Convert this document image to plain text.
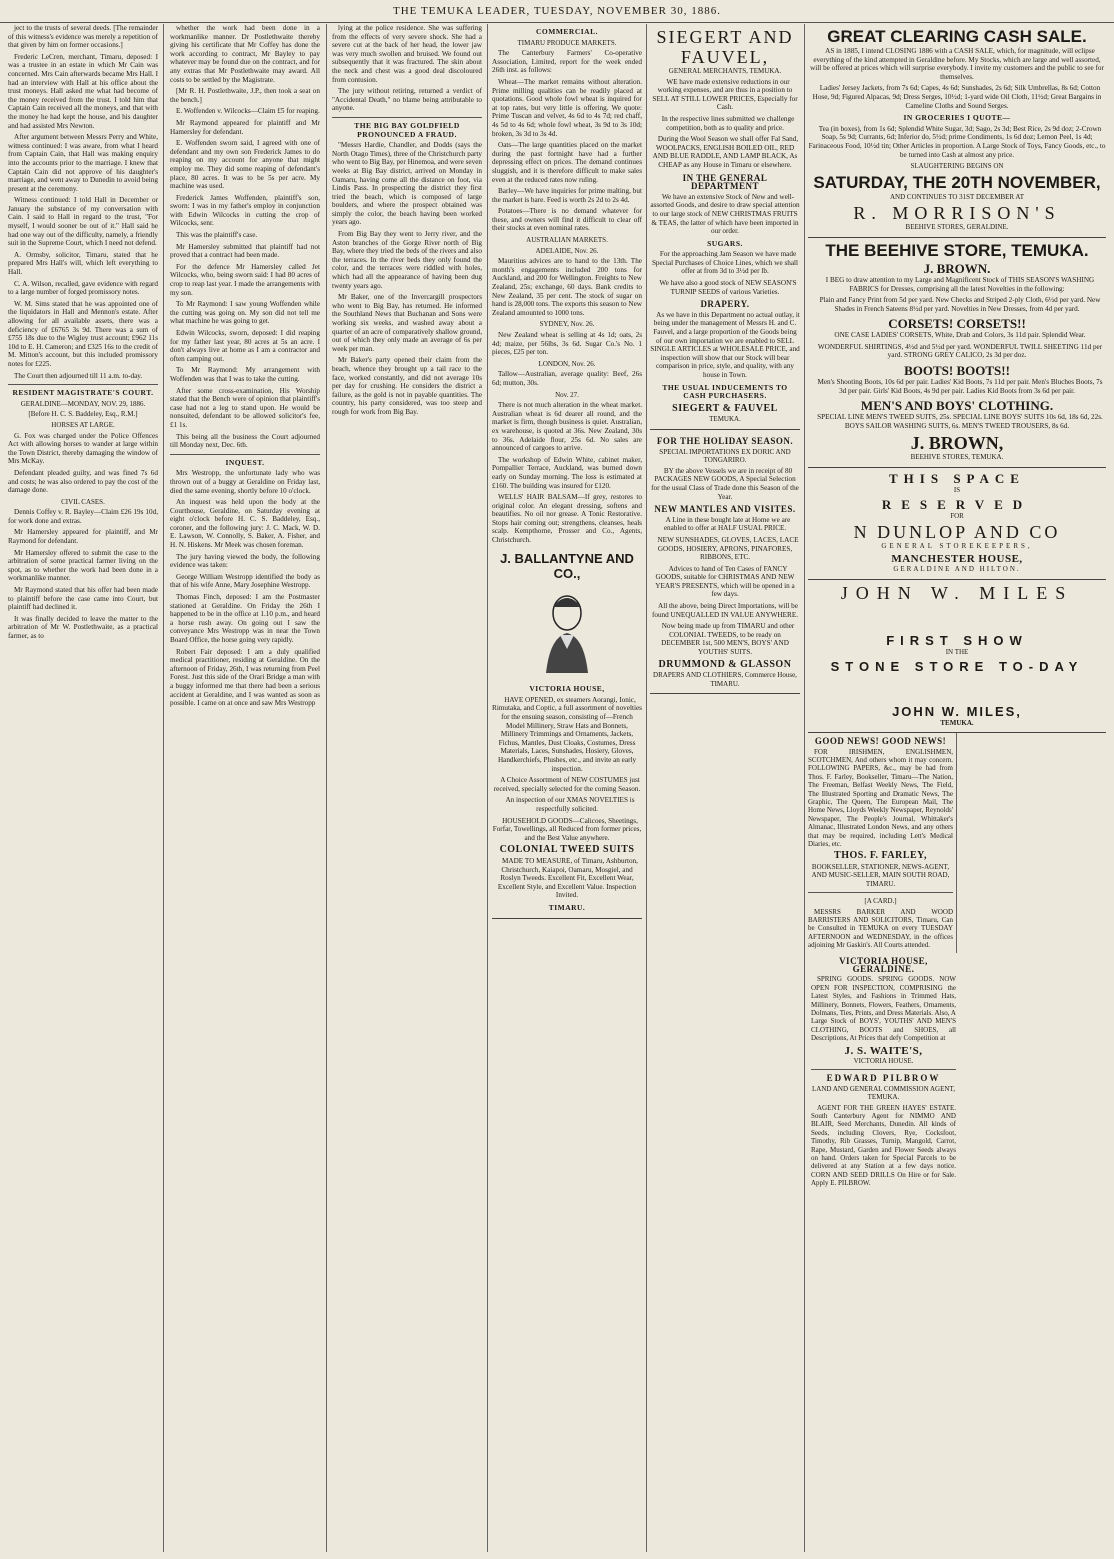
THE TEMUKA LEADER, TUESDAY, NOVEMBER 30, 1886.

ject to the trusts of several deeds. [The remainder of this witness's evidence was merely a repetition of that given by him on former occasions.]

Frederic LeCren, merchant, Timaru, deposed: I was a trustee in an estate in which Mr Cain was concerned. Mrs Cain afterwards became Mrs Hall. I had an interview with Hall at his office about the trust moneys. Hall asked me what had become of the money received from the trust. I told him that Captain Cain received all the moneys, and that with the money he had kept the house, and his daughter and had assisted Mrs Newton.

After argument between Messrs Perry and White, witness continued: I was aware, from what I heard from Captain Cain, that Hall was making enquiry into the accounts prior to the marriage. I knew that Captain Cain did not approve of his daughter's marriage, and went away to Dunedin to avoid being present at the ceremony.

Witness continued: I told Hall in December or January the substance of my conversation with Cain. I said to Hall in regard to the trust, "For myself, I would sooner be out of it." Hall said he had one way out of the difficulty, namely, a friendly suit in the Supreme Court, which I need not defend.

A. Ormsby, solicitor, Timaru, stated that he prepared Mrs Hall's will, which left everything to Hall.

C. A. Wilson, recalled, gave evidence with regard to a large number of forged promissory notes.

W. M. Sims stated that he was appointed one of the liquidators in Hall and Mennon's estate. After allowing for all available assets, there was a deficiency of £6765 3s 9d. There was a sum of £755 18s due to the Wigley trust account; £962 11s 10d to E. H. Cameron; and £325 16s to the credit of M. Mitton's account, but this included promissory notes for £225.

The Court then adjourned till 11 a.m. to-day.

RESIDENT MAGISTRATE'S COURT.
GERALDINE—MONDAY, NOV. 29, 1886.
[Before H. C. S. Baddeley, Esq., R.M.]
HORSES AT LARGE.

G. Fox was charged under the Police Offences Act with allowing horses to wander at large within the Town District, thereby damaging the window of Mrs McKay.

Defendant pleaded guilty, and was fined 7s 6d and costs; he was also ordered to pay the cost of the damage done.

CIVIL CASES.

Dennis Coffey v. R. Bayley—Claim £26 19s 10d, for work done and extras.

Mr Hamersley appeared for plaintiff, and Mr Raymond for defendant.

Mr Hamersley offered to submit the case to the arbitration of some practical farmer living on the spot, as to whether the work had been done in a workmanlike manner.

Mr Raymond stated that his offer had been made to plaintiff before the case came into Court, but plaintiff had declined it.

It was finally decided to leave the matter to the arbitration of Mr W. Postlethwaite, as a practical farmer, as to

whether the work had been done in a workmanlike manner. Dr Postlethwaite thereby giving his certificate that Mr Coffey has done the work according to contract, Mr Bayley to pay whatever may be found due on the contract, and for any extras that Mr Postlethwaite may award. All costs to be settled by the Magistrate.

[Mr R. H. Postlethwaite, J.P., then took a seat on the bench.]

E. Woffenden v. Wilcocks—Claim £5 for reaping.

Mr Raymond appeared for plaintiff and Mr Hamersley for defendant.

E. Woffenden sworn said, I agreed with one of defendant and my own son Frederick James to do reaping on my account for anyone that might employ me. They did some reaping of defendant's place, 80 acres. It was to be 5s per acre. My machine was used.

Frederick James Woffenden, plaintiff's son, sworn: I was in my father's employ in conjunction with Edwin Wilcocks in cutting the crop of Wilcocks, senr.

This was the plaintiff's case.

Mr Hamersley submitted that plaintiff had not proved that a contract had been made.

For the defence Mr Hamersley called Jet Wilcocks, who, being sworn said: I had 80 acres of crop to reap last year. I made the arrangements with my son.

To Mr Raymond: I saw young Woffenden while the cutting was going on. My son did not tell me what machine he was going to get.

Edwin Wilcocks, sworn, deposed: I did reaping for my father last year, 80 acres at 5s an acre. I don't always live at home as I am a contractor and often camping out.

To Mr Raymond: My arrangement with Woffenden was that I was to take the cutting.

After some cross-examination, His Worship stated that the Bench were of opinion that plaintiff's case had not a leg to stand upon. He would be nonsuited, defendant to be allowed solicitor's fee, £1 1s.

This being all the business the Court adjourned till Monday next, Dec. 6th.

INQUEST.

Mrs Westropp, the unfortunate lady who was thrown out of a buggy at Geraldine on Friday last, died the same evening, shortly before 10 o'clock.

An inquest was held upon the body at the Courthouse, Geraldine, on Saturday evening at eight o'clock before H. C. S. Baddeley, Esq., coroner, and the following jury: J. C. Mack, W. D. E. Lawson, W. Connolly, S. Baker, A. Fisher, and H. N. Hiskens. Mr Meek was chosen foreman.

The jury having viewed the body, the following evidence was taken:

George William Westropp identified the body as that of his wife Anne, Mary Josephine Westropp.

Thomas Finch, deposed: I am the Postmaster stationed at Geraldine. On Friday the 26th I happened to be in the office at 1.10 p.m., and heard a horse rush away. On going out I saw the conveyance Mrs Westropp was in near the Town Board Office, the horse going very rapidly.

Robert Fair deposed: I am a duly qualified medical practitioner, residing at Geraldine. On the afternoon of Friday, 26th, I was returning from Peel Forest. Just this side of the Orari Bridge a man with a buggy informed me that there had been a serious accident at Geraldine, and I was wanted as soon as possible. I came on at once and saw Mrs Westropp

lying at the police residence. She was suffering from the effects of very severe shock. She had a severe cut at the back of her head, the lower jaw was very much swollen and bruised. We found out subsequently that it was fractured. The skin about the neck and chest was a good deal discoloured from contusion.

The jury without retiring, returned a verdict of "Accidental Death," no blame being attributable to anyone.

THE BIG BAY GOLDFIELD PRONOUNCED A FRAUD.

"Messrs Hardie, Chandler, and Dodds (says the North Otago Times), three of the Christchurch party who went to Big Bay, per Hinemoa, and were seven weeks at Big Bay district, arrived on Monday in Oamaru, having come all the distance on foot, via Lindis Pass. In prospecting the district they first tried the beach, which is composed of large boulders, and where the prospect obtained was simply the color, the beach having been worked years ago.

From Big Bay they went to Jerry river, and the Aston branches of the Gorge River north of Big Bay, where they tried the beds of the rivers and also the terraces. In the river beds they only found the color, and the terraces were riddled with holes, which had all the appearance of having been dug twenty years ago.

Mr Baker, one of the Invercargill prospectors who went to Big Bay, has returned. He informed the Southland News that Buchanan and Sons were working six weeks, and washed away about a quarter of an acre of comparatively shallow ground, out of which they only made an average of 6s per week per man.

Mr Baker's party opened their claim from the beach, whence they brought up a tail race to the face, worked constantly, and did not average 10s per day for crushing. He considers the district a failure, as the gold is not in payable quantities. The country, his party considered, was too steep and rough for work from Big Bay.

COMMERCIAL.
TIMARU PRODUCE MARKETS.

The Canterbury Farmers' Co-operative Association, Limited, report for the week ended 26th inst. as follows:

Wheat—The market remains without alteration. Prime milling qualities can be readily placed at quotations. Good whole fowl wheat is inquired for at top rates, but very little is offering. We quote: Prime Tuscan and velvet, 4s 6d to 4s 7d; red chaff, 4s 5d to 4s 6d; whole fowl wheat, 3s 9d to 3s 10d; broken, 3s 3d to 3s 4d.

Oats—The large quantities placed on the market during the past fortnight have had a further depressing effect on prices. The demand continues sluggish, and it is therefore difficult to make sales even at the reduced rates now ruling.

Barley—We have inquiries for prime malting, but the market is bare. Feed is worth 2s 2d to 2s 4d.

Potatoes—There is no demand whatever for these, and owners will find it difficult to clear off their stocks at even nominal rates.

AUSTRALIAN MARKETS.
ADELAIDE, Nov. 26.

Mauritius advices are to hand to the 13th. The month's engagements included 200 tons for Auckland, and 200 for Wellington. Freights to New Zealand, 25s; exchange, 60 days. Bank credits to New Zealand, 35 per cent. The stock of sugar on hand is 28,000 tons. The exports this season to New Zealand amounted to 1000 tons.

SYDNEY, Nov. 26.

New Zealand wheat is selling at 4s 1d; oats, 2s 4d; maize, per 56lbs, 3s 6d. Sugar Co.'s No. 1 pieces, £25 per ton.

LONDON, Nov. 26.

Tallow—Australian, average quality: Beef, 26s 6d; mutton, 30s.

Nov. 27.

There is not much alteration in the wheat market. Australian wheat is 6d dearer all round, and the market is firm, though business is quiet. Australian, ex warehouse, is quoted at 36s. New Zealand, 30s to 36s. Adelaide flour, 25s 6d. No sales are announced of cargoes to arrive.

The workshop of Edwin White, cabinet maker, Pompallier Terrace, Auckland, was burned down early on Sunday morning. The loss is estimated at £160. The building was insured for £120.

WELLS' HAIR BALSAM—If grey, restores to original color. An elegant dressing, softens and beautifies. No oil nor grease. A Tonic Restorative. Stops hair coming out; strengthens, cleanses, heals scalp. Kempthorne, Prosser and Co., Agents, Christchurch.

J. BALLANTYNE AND CO.,
VICTORIA HOUSE,

HAVE OPENED, ex steamers Aorangi, Ionic, Rimutaka, and Coptic, a full assortment of novelties for the ensuing season, consisting of—French Model Millinery, Straw Hats and Bonnets, Millinery Trimmings and Ornaments, Jackets, Fichus, Mantles, Dust Cloaks, Costumes, Dress Materials, Laces, Sunshades, Hosiery, Gloves, Handkerchiefs, Plushes, etc., and invite an early inspection.

A Choice Assortment of NEW COSTUMES just received, specially selected for the coming Season.

An inspection of our XMAS NOVELTIES is respectfully solicited.

HOUSEHOLD GOODS—Calicoes, Sheetings, Forfar, Towellings, all Reduced from former prices, and the Best Value anywhere.

COLONIAL TWEED SUITS

MADE TO MEASURE, of Timaru, Ashburton, Christchurch, Kaiapoi, Oamaru, Mosgiel, and Roslyn Tweeds. Excellent Fit, Excellent Wear, Excellent Style, and Excellent Value. Inspection Invited.

TIMARU.
SIEGERT AND
FAUVEL,
GENERAL MERCHANTS, TEMUKA.

WE have made extensive reductions in our working expenses, and are thus in a position to SELL AT STILL LOWER PRICES, Especially for Cash.

In the respective lines submitted we challenge competition, both as to quality and price.

During the Wool Season we shall offer Fal Sand, WOOLPACKS, ENGLISH BOILED OIL, RED AND BLUE RADDLE, AND LAMP BLACK, As CHEAP as any House in Timaru or elsewhere.

IN THE GENERAL DEPARTMENT

We have an extensive Stock of New and well-assorted Goods, and desire to draw special attention to our large stock of NEW CHRISTMAS FRUITS & TEAS, the latter of which have been imported in our order.

SUGARS.

For the approaching Jam Season we have made Special Purchases of Choice Lines, which we shall offer at from 3d to 3½d per lb.

We have also a good stock of NEW SEASON'S TURNIP SEEDS of various Varieties.

DRAPERY.

As we have in this Department no actual outlay, it being under the management of Messrs H. and C. Fauvel, and a large proportion of the Goods being of our own importation we are enabled to SELL SINGLE ARTICLES at WHOLESALE PRICE, and inspection will show that our Stock will bear comparison in price, style, and quality, with any house in Town.

THE USUAL INDUCEMENTS TO CASH PURCHASERS.
SIEGERT & FAUVEL
TEMUKA.
FOR THE HOLIDAY SEASON.
SPECIAL IMPORTATIONS EX DORIC AND TONGARIRO.

BY the above Vessels we are in receipt of 80 PACKAGES NEW GOODS, A Special Selection for the usual Class of Trade done this Season of the Year.

NEW MANTLES AND VISITES.

A Line in these bought late at Home we are enabled to offer at HALF USUAL PRICE.

NEW SUNSHADES, GLOVES, LACES, LACE GOODS, HOSIERY, APRONS, PINAFORES, RIBBONS, ETC.

Advices to hand of Ten Cases of FANCY GOODS, suitable for CHRISTMAS AND NEW YEAR'S PRESENTS, which will be opened in a few days.

All the above, being Direct Importations, will be found UNEQUALLED IN VALUE ANYWHERE.

Now being made up from TIMARU and other COLONIAL TWEEDS, to be ready on DECEMBER 1st, 500 MEN'S, BOYS' AND YOUTHS' SUITS.

DRUMMOND & GLASSON
DRAPERS AND CLOTHIERS, Commerce House, TIMARU.
GREAT CLEARING CASH SALE.

AS in 1885, I intend CLOSING 1886 with a CASH SALE, which, for magnitude, will eclipse everything of the kind attempted in Geraldine before. My Stocks, which are large and well assorted, will be offered at prices which will surprise everybody. I invite my customers and the public to see for themselves.

Ladies' Jersey Jackets, from 7s 6d; Capes, 4s 6d; Sunshades, 2s 6d; Silk Umbrellas, 8s 6d; Cotton Hose, 9d; Figured Alpacas, 9d; Dress Serges, 10½d; 1-yard wide Oil Cloth, 11½d; Great Bargains in Cameline Cloths and Sound Serges.

IN GROCERIES I QUOTE—

Tea (in boxes), from 1s 6d; Splendid White Sugar, 3d; Sago, 2s 3d; Best Rice, 2s 9d doz; 2-Crown Soap, 5s 9d; Currants, 6d; Inferior do, 5½d; prime Condiments, 1s 6d doz; Lemon Peel, 1s 4d; Farinaceous Food, 10½d tin; Other Articles in proportion. A Large Stock of Toys, Fancy Goods, etc., to be turned into Cash at almost any price.

SLAUGHTERING BEGINS ON
SATURDAY, THE 20TH NOVEMBER,
AND CONTINUES TO 31ST DECEMBER AT
R. MORRISON'S
BEEHIVE STORES, GERALDINE.
THE BEEHIVE STORE, TEMUKA.
J. BROWN.

I BEG to draw attention to my Large and Magnificent Stock of THIS SEASON'S WASHING FABRICS for Dresses, comprising all the latest Novelties in the following:

Plain and Fancy Print from 5d per yard. New Checks and Striped 2-ply Cloth, 6½d per yard. New Shades in French Sateens 8½d per yard. Novelties in New Dresses, from 4d per yard.

CORSETS! CORSETS!!

ONE CASE LADIES' CORSETS, White, Drab and Colors, 3s 11d pair. Splendid Wear.

WONDERFUL SHIRTINGS, 4½d and 5½d per yard. WONDERFUL TWILL SHEETING 11d per yard. STRONG GREY CALICO, 2s 3d per doz.

BOOTS! BOOTS!!

Men's Shooting Boots, 10s 6d per pair. Ladies' Kid Boots, 7s 11d per pair. Men's Bluches Boots, 7s 3d per pair. Girls' Kid Boots, 4s 9d per pair. Ladies Kid Boots from 3s 6d per pair.

MEN'S AND BOYS' CLOTHING.

SPECIAL LINE MEN'S TWEED SUITS, 25s. SPECIAL LINE BOYS' SUITS 10s 6d, 18s 6d, 22s. BOYS SAILOR WASHING SUITS, 6s. MEN'S TWEED TROUSERS, 8s 6d.

J. BROWN,
BEEHIVE STORES, TEMUKA.
THIS SPACE
IS
RESERVED
FOR
N DUNLOP AND CO
GENERAL STOREKEEPERS,
MANCHESTER HOUSE,
GERALDINE AND HILTON.
JOHN W. MILES
FIRST SHOW
IN THE
STONE STORE TO-DAY
JOHN W. MILES,
TEMUKA.
GOOD NEWS! GOOD NEWS!

FOR IRISHMEN, ENGLISHMEN, SCOTCHMEN, And others whom it may concern. FOLLOWING PAPERS, &c., may be had from Thos. F. Farley, Bookseller, Timaru—The Nation, The Freeman, Belfast Weekly News, The Field, The Illustrated Sporting and Dramatic News, The Graphic, The Queen, The European Mail, The Home News, Lloyds Weekly Newspaper, Reynolds' Newspaper, The People's Journal, Whittaker's Almanac, Illustrated London News, and any others that may be required, including Lett's Medical Diaries, etc.

THOS. F. FARLEY,
BOOKSELLER, STATIONER, NEWS-AGENT, AND MUSIC-SELLER, MAIN SOUTH ROAD, TIMARU.
[A CARD.]

MESSRS BARKER AND WOOD BARRISTERS AND SOLICITORS, Timaru, Can be Consulted in TEMUKA on every TUESDAY AFTERNOON and WEDNESDAY, in the offices adjoining Mr Gaskin's. All Courts attended.

VICTORIA HOUSE, GERALDINE.

SPRING GOODS. SPRING GOODS. NOW OPEN FOR INSPECTION, COMPRISING the Latest Styles, and Fashions in Trimmed Hats, Millinery, Bonnets, Flowers, Feathers, Ornaments, Dolmans, Ties, Prints, and Dress Materials. Also, A Large Stock of BOYS', YOUTHS' AND MEN'S CLOTHING, BOOTS and SHOES, all Descriptions, At Prices that defy Competition at

J. S. WAITE'S,
VICTORIA HOUSE.
EDWARD PILBROW
LAND AND GENERAL COMMISSION AGENT, TEMUKA.

AGENT FOR THE GREEN HAYES' ESTATE. South Canterbury Agent for NIMMO AND BLAIR, Seed Merchants, Dunedin. All kinds of Seeds, including Clovers, Rye, Cocksfoot, Timothy, Rib Grasses, Turnip, Mangold, Carrot, Rape, Mustard, Garden and Flower Seeds always on hand. Orders taken for Special Parcels to be delivered at any Station at a few days notice. CORN AND SEED DRILLS On Hire or for Sale. Apply E. PILBROW.
